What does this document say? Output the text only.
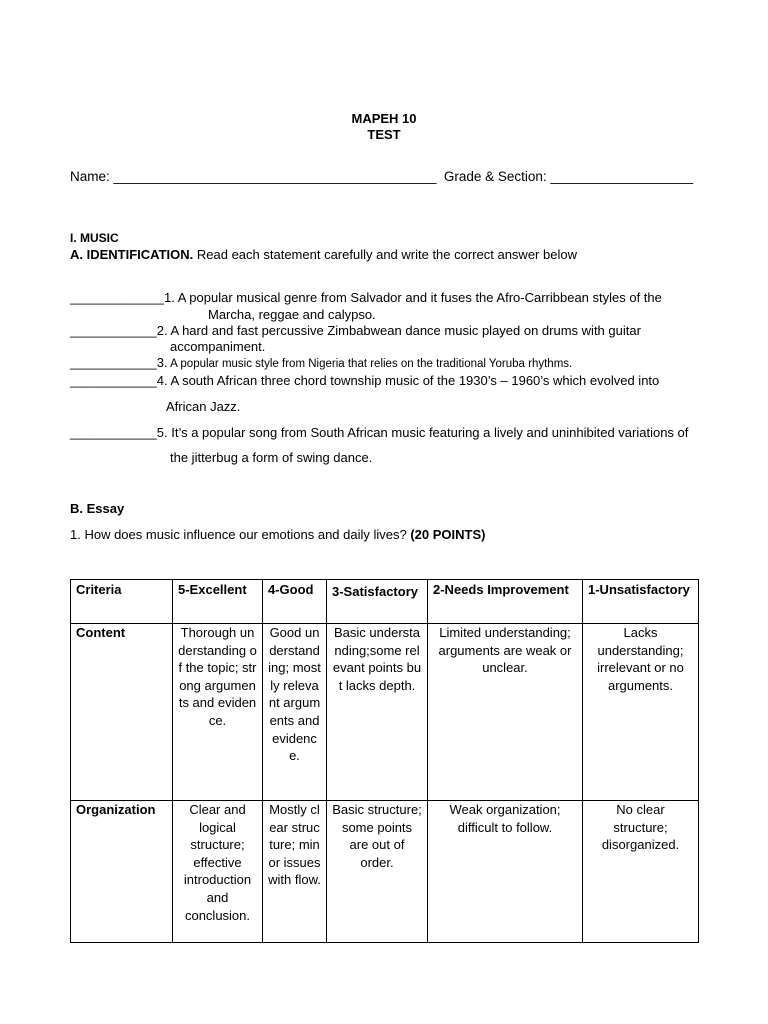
MAPEH 10
TEST
Name: ___________________________________________  Grade & Section: ___________________
I. MUSIC
A. IDENTIFICATION. Read each statement carefully and write the correct answer below
_____________1. A popular musical genre from Salvador and it fuses the Afro-Carribbean styles of the
Marcha, reggae and calypso.
____________2. A hard and fast percussive Zimbabwean dance music played on drums with guitar
accompaniment.
____________3. A popular music style from Nigeria that relies on the traditional Yoruba rhythms.
____________4. A south African three chord township music of the 1930’s – 1960’s which evolved into
African Jazz.
____________5. It’s a popular song from South African music featuring a lively and uninhibited variations of
the jitterbug a form of swing dance.
B. Essay
1. How does music influence our emotions and daily lives? (20 POINTS)
Criteria	5-Excellent	4-Good	3-Satisfactory	2-Needs Improvement	1-Unsatisfactory
Content	Thorough understanding of the topic; strong arguments and evidence.	Good understanding; mostly relevant arguments and evidence.	Basic understanding;some relevant points but lacks depth.	Limited understanding; arguments are weak or unclear.	Lacks understanding; irrelevant or no arguments.
Organization	Clear and logical structure; effective introduction and conclusion.	Mostly clear structure; minor issues with flow.	Basic structure; some points are out of order.	Weak organization; difficult to follow.	No clear structure; disorganized.
